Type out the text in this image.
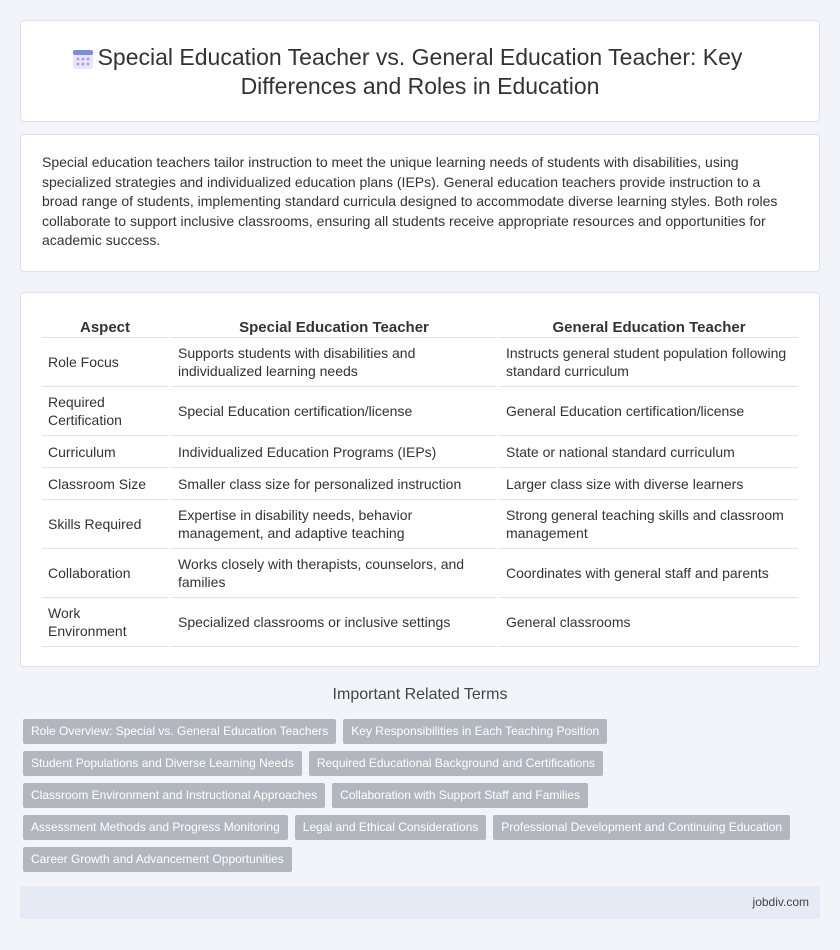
Special Education Teacher vs. General Education Teacher: Key Differences and Roles in Education

Special education teachers tailor instruction to meet the unique learning needs of students with disabilities, using specialized strategies and individualized education plans (IEPs). General education teachers provide instruction to a broad range of students, implementing standard curricula designed to accommodate diverse learning styles. Both roles collaborate to support inclusive classrooms, ensuring all students receive appropriate resources and opportunities for academic success.

Aspect	Special Education Teacher	General Education Teacher
Role Focus	Supports students with disabilities and individualized learning needs	Instructs general student population following standard curriculum
Required Certification	Special Education certification/license	General Education certification/license
Curriculum	Individualized Education Programs (IEPs)	State or national standard curriculum
Classroom Size	Smaller class size for personalized instruction	Larger class size with diverse learners
Skills Required	Expertise in disability needs, behavior management, and adaptive teaching	Strong general teaching skills and classroom management
Collaboration	Works closely with therapists, counselors, and families	Coordinates with general staff and parents
Work Environment	Specialized classrooms or inclusive settings	General classrooms
Important Related Terms
Role Overview: Special vs. General Education Teachers	Key Responsibilities in Each Teaching Position
Student Populations and Diverse Learning Needs	Required Educational Background and Certifications
Classroom Environment and Instructional Approaches	Collaboration with Support Staff and Families
Assessment Methods and Progress Monitoring	Legal and Ethical Considerations	Professional Development and Continuing Education
Career Growth and Advancement Opportunities
jobdiv.com
